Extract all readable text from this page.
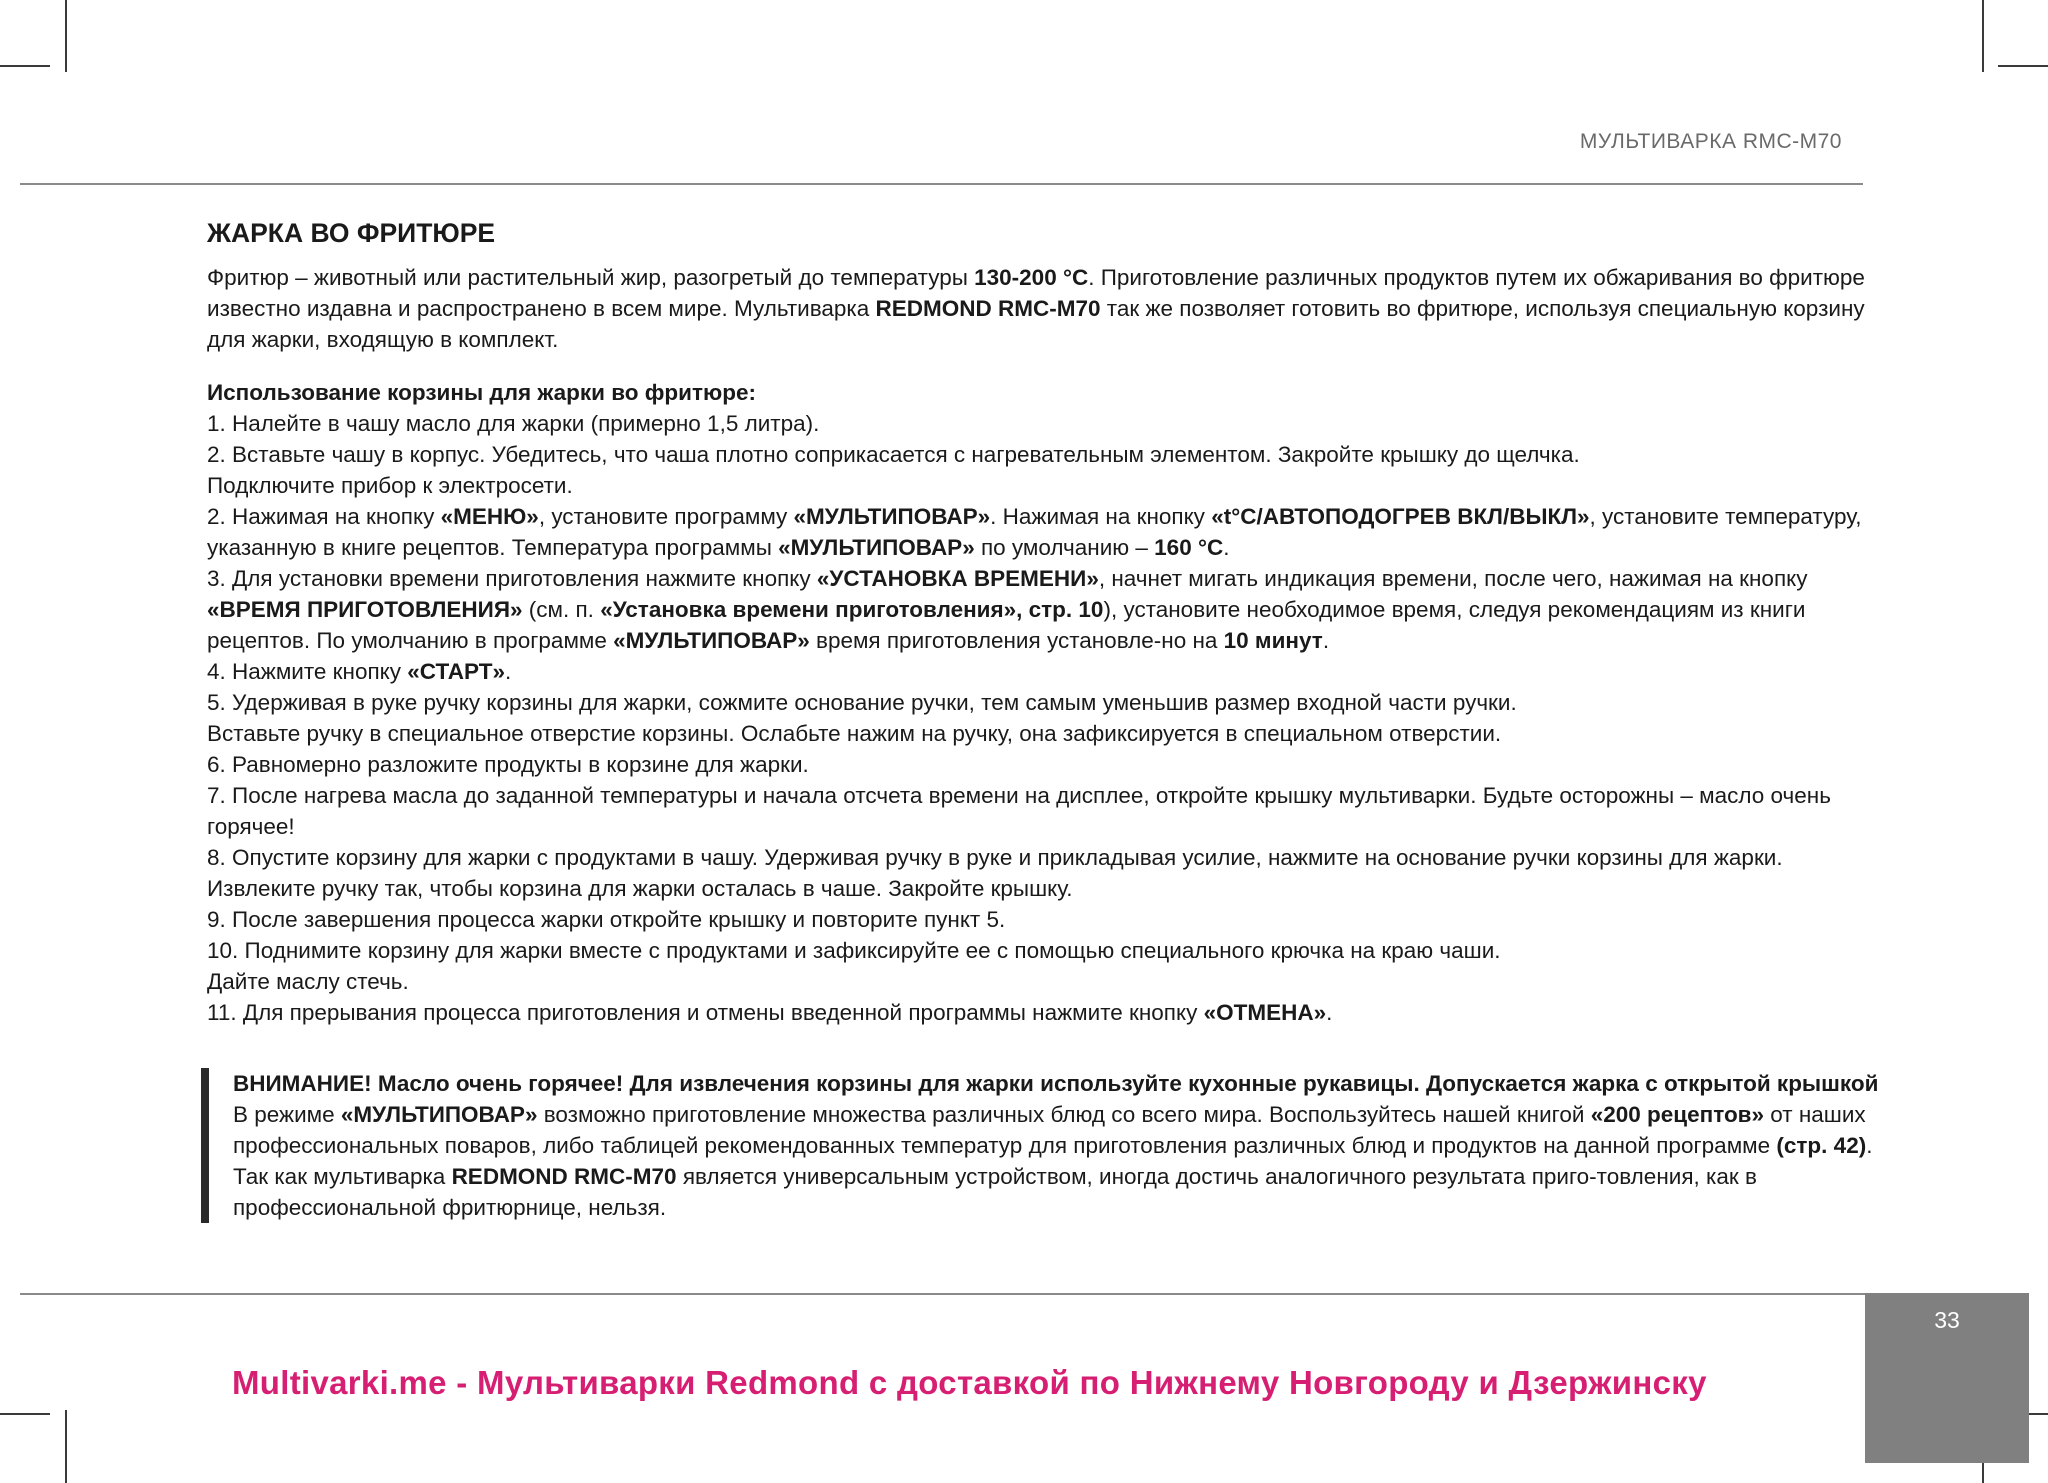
МУЛЬТИВАРКА RMC-M70
ЖАРКА ВО ФРИТЮРЕ

Фритюр – животный или растительный жир, разогретый до температуры 130-200 °C. Приготовление различных продуктов путем их обжаривания во фритюре известно издавна и распространено в всем мире. Мультиварка REDMOND RMC-M70 так же позволяет готовить во фритюре, используя специальную корзину для жарки, входящую в комплект.

Использование корзины для жарки во фритюре:

1. Налейте в чашу масло для жарки (примерно 1,5 литра).

2. Вставьте чашу в корпус. Убедитесь, что чаша плотно соприкасается с нагревательным элементом. Закройте крышку до щелчка.

Подключите прибор к электросети.

2. Нажимая на кнопку «МЕНЮ», установите программу «МУЛЬТИПОВАР». Нажимая на кнопку «t°C/АВТОПОДОГРЕВ ВКЛ/ВЫКЛ», установите температуру, указанную в книге рецептов. Температура программы «МУЛЬТИПОВАР» по умолчанию – 160 °C.

3. Для установки времени приготовления нажмите кнопку «УСТАНОВКА ВРЕМЕНИ», начнет мигать индикация времени, после чего, нажимая на кнопку «ВРЕМЯ ПРИГОТОВЛЕНИЯ» (см. п. «Установка времени приготовления», стр. 10), установите необходимое время, следуя рекомендациям из книги рецептов. По умолчанию в программе «МУЛЬТИПОВАР» время приготовления установле-но на 10 минут.

4. Нажмите кнопку «СТАРТ».

5. Удерживая в руке ручку корзины для жарки, сожмите основание ручки, тем самым уменьшив размер входной части ручки.

Вставьте ручку в специальное отверстие корзины. Ослабьте нажим на ручку, она зафиксируется в специальном отверстии.

6. Равномерно разложите продукты в корзине для жарки.

7. После нагрева масла до заданной температуры и начала отсчета времени на дисплее, откройте крышку мультиварки. Будьте осторожны – масло очень горячее!

8. Опустите корзину для жарки с продуктами в чашу. Удерживая ручку в руке и прикладывая усилие, нажмите на основание ручки корзины для жарки. Извлеките ручку так, чтобы корзина для жарки осталась в чаше. Закройте крышку.

9. После завершения процесса жарки откройте крышку и повторите пункт 5.

10. Поднимите корзину для жарки вместе с продуктами и зафиксируйте ее с помощью специального крючка на краю чаши.

Дайте маслу стечь.

11. Для прерывания процесса приготовления и отмены введенной программы нажмите кнопку «ОТМЕНА».

ВНИМАНИЕ! Масло очень горячее! Для извлечения корзины для жарки используйте кухонные рукавицы. Допускается жарка с открытой крышкой

В режиме «МУЛЬТИПОВАР» возможно приготовление множества различных блюд со всего мира. Воспользуйтесь нашей книгой «200 рецептов» от наших профессиональных поваров, либо таблицей рекомендованных температур для приготовления различных блюд и продуктов на данной программе (стр. 42).

Так как мультиварка REDMOND RMC-M70 является универсальным устройством, иногда достичь аналогичного результата приго-товления, как в профессиональной фритюрнице, нельзя.

33
Multivarki.me - Мультиварки Redmond с доставкой по Нижнему Новгороду и Дзержинску
